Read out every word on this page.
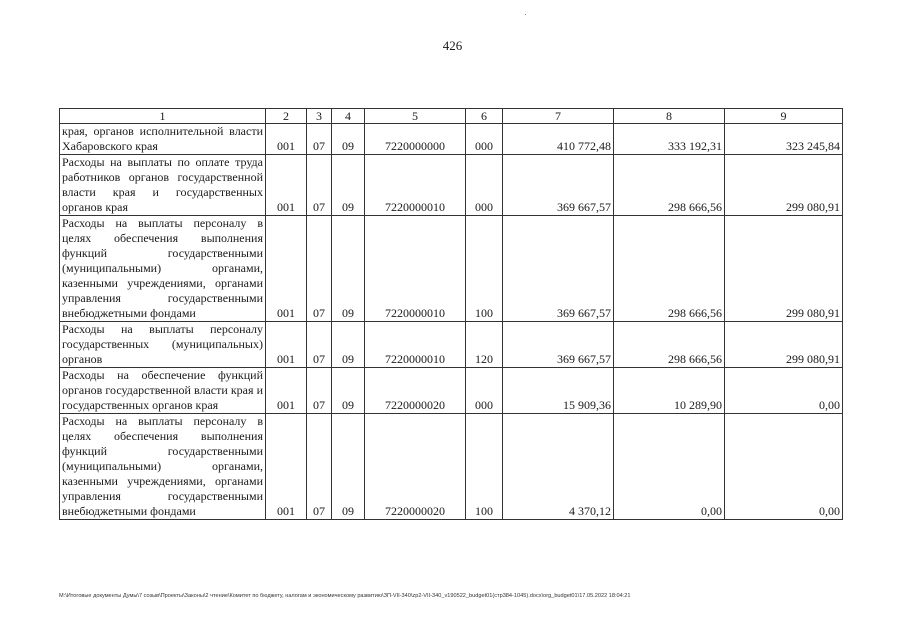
426
1	2	3	4	5	6	7	8	9
края, органов исполнительной власти Хабаровского края	001	07	09	7220000000	000	410 772,48	333 192,31	323 245,84
Расходы на выплаты по оплате труда работников органов государственной власти края и государственных органов края	001	07	09	7220000010	000	369 667,57	298 666,56	299 080,91
Расходы на выплаты персоналу в целях обеспечения выполнения функций государственными (муниципальными) органами, казенными учреждениями, органами управления государственными внебюджетными фондами	001	07	09	7220000010	100	369 667,57	298 666,56	299 080,91
Расходы на выплаты персоналу государственных (муниципальных) органов	001	07	09	7220000010	120	369 667,57	298 666,56	299 080,91
Расходы на обеспечение функций органов государственной власти края и государственных органов края	001	07	09	7220000020	000	15 909,36	10 289,90	0,00
Расходы на выплаты персоналу в целях обеспечения выполнения функций государственными (муниципальными) органами, казенными учреждениями, органами управления государственными внебюджетными фондами	001	07	09	7220000020	100	4 370,12	0,00	0,00
M:\Итоговые документы Думы\7 созыв\Проекты\Законы\2 чтение\Комитет по бюджету, налогам и экономическому развитию\ЗП-VII-340\zp2-VII-340_v190522_budget01(стр384-1045).docx\org_budget01\17.05.2022 18:04:21
